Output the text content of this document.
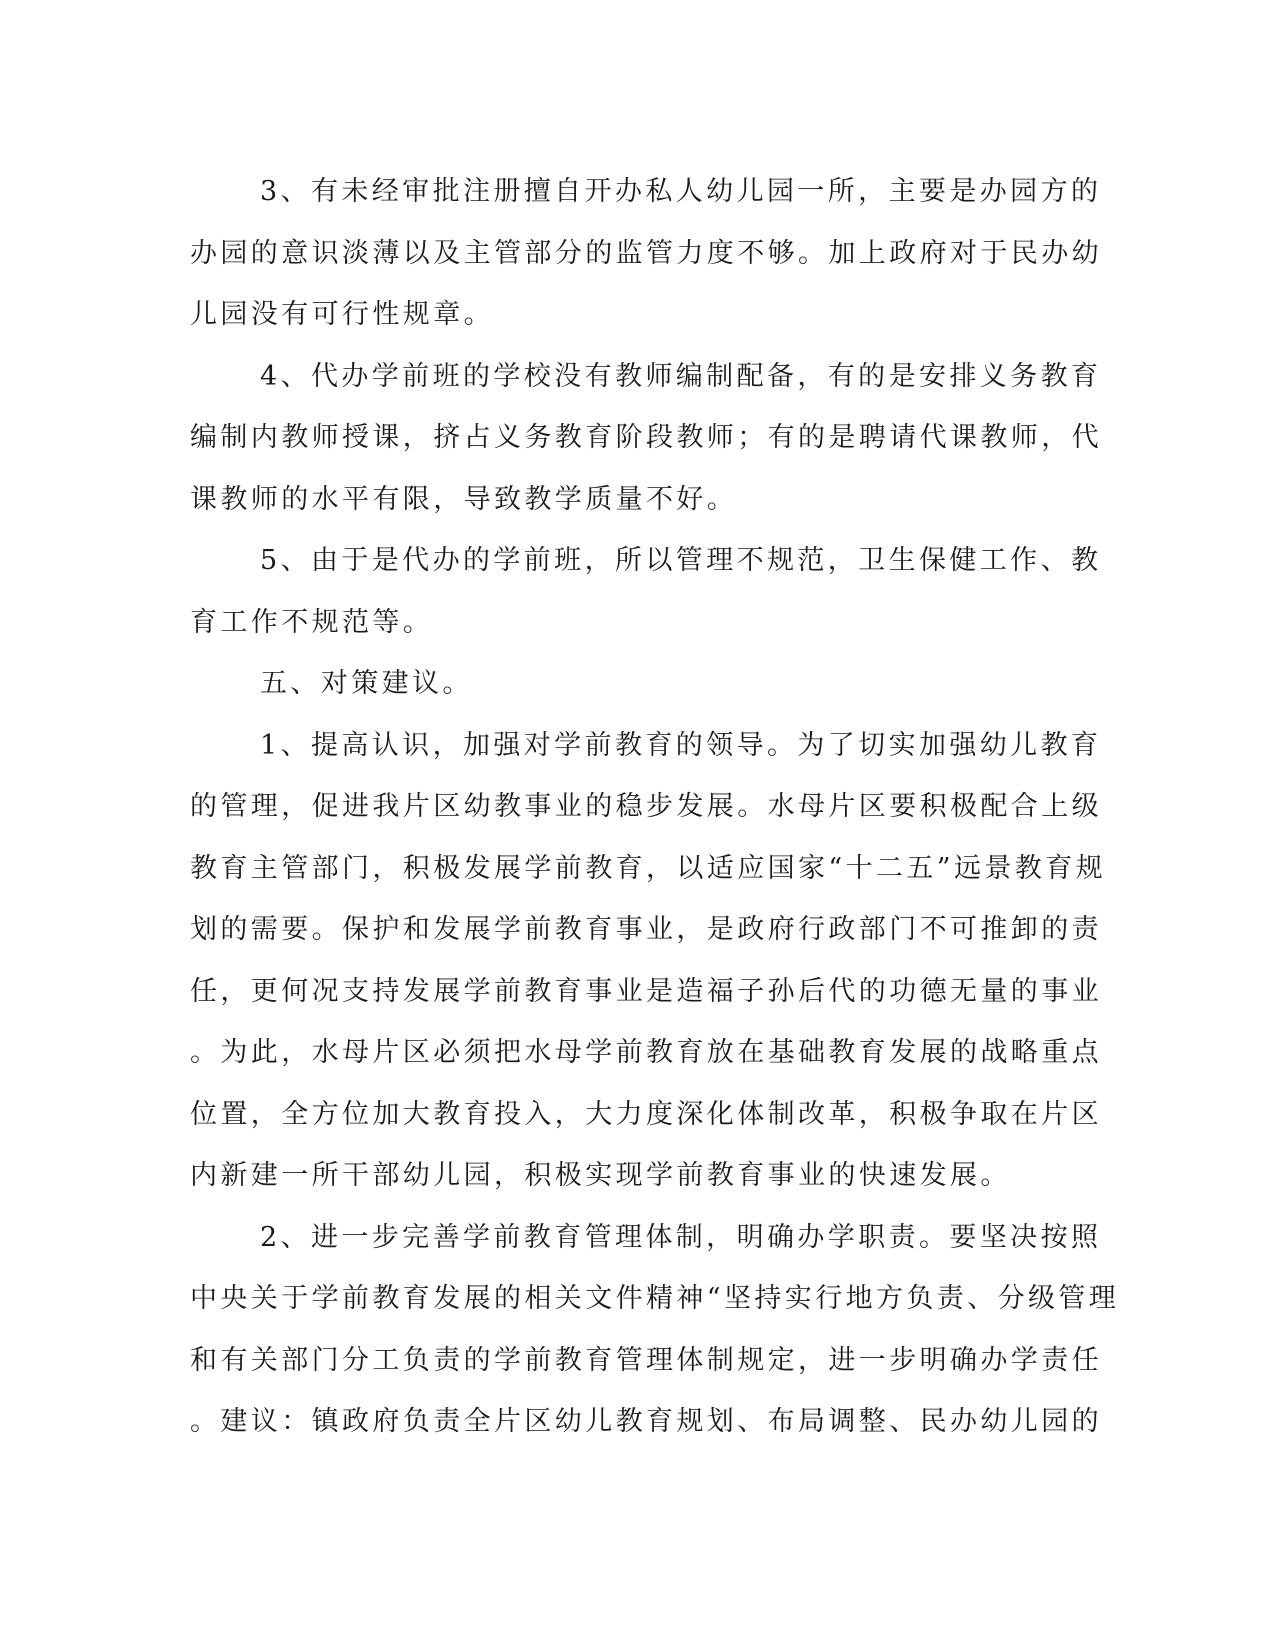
3、有未经审批注册擅自开办私人幼儿园一所，主要是办园方的
办园的意识淡薄以及主管部分的监管力度不够。加上政府对于民办幼
儿园没有可行性规章。
4、代办学前班的学校没有教师编制配备，有的是安排义务教育
编制内教师授课，挤占义务教育阶段教师；有的是聘请代课教师，代
课教师的水平有限，导致教学质量不好。
5、由于是代办的学前班，所以管理不规范，卫生保健工作、教
育工作不规范等。
五、对策建议。
1、提高认识，加强对学前教育的领导。为了切实加强幼儿教育
的管理，促进我片区幼教事业的稳步发展。水母片区要积极配合上级
教育主管部门，积极发展学前教育，以适应国家“十二五”远景教育规
划的需要。保护和发展学前教育事业，是政府行政部门不可推卸的责
任，更何况支持发展学前教育事业是造福子孙后代的功德无量的事业
。为此，水母片区必须把水母学前教育放在基础教育发展的战略重点
位置，全方位加大教育投入，大力度深化体制改革，积极争取在片区
内新建一所干部幼儿园，积极实现学前教育事业的快速发展。
2、进一步完善学前教育管理体制，明确办学职责。要坚决按照
中央关于学前教育发展的相关文件精神“坚持实行地方负责、分级管理
和有关部门分工负责的学前教育管理体制规定，进一步明确办学责任
。建议：镇政府负责全片区幼儿教育规划、布局调整、民办幼儿园的
